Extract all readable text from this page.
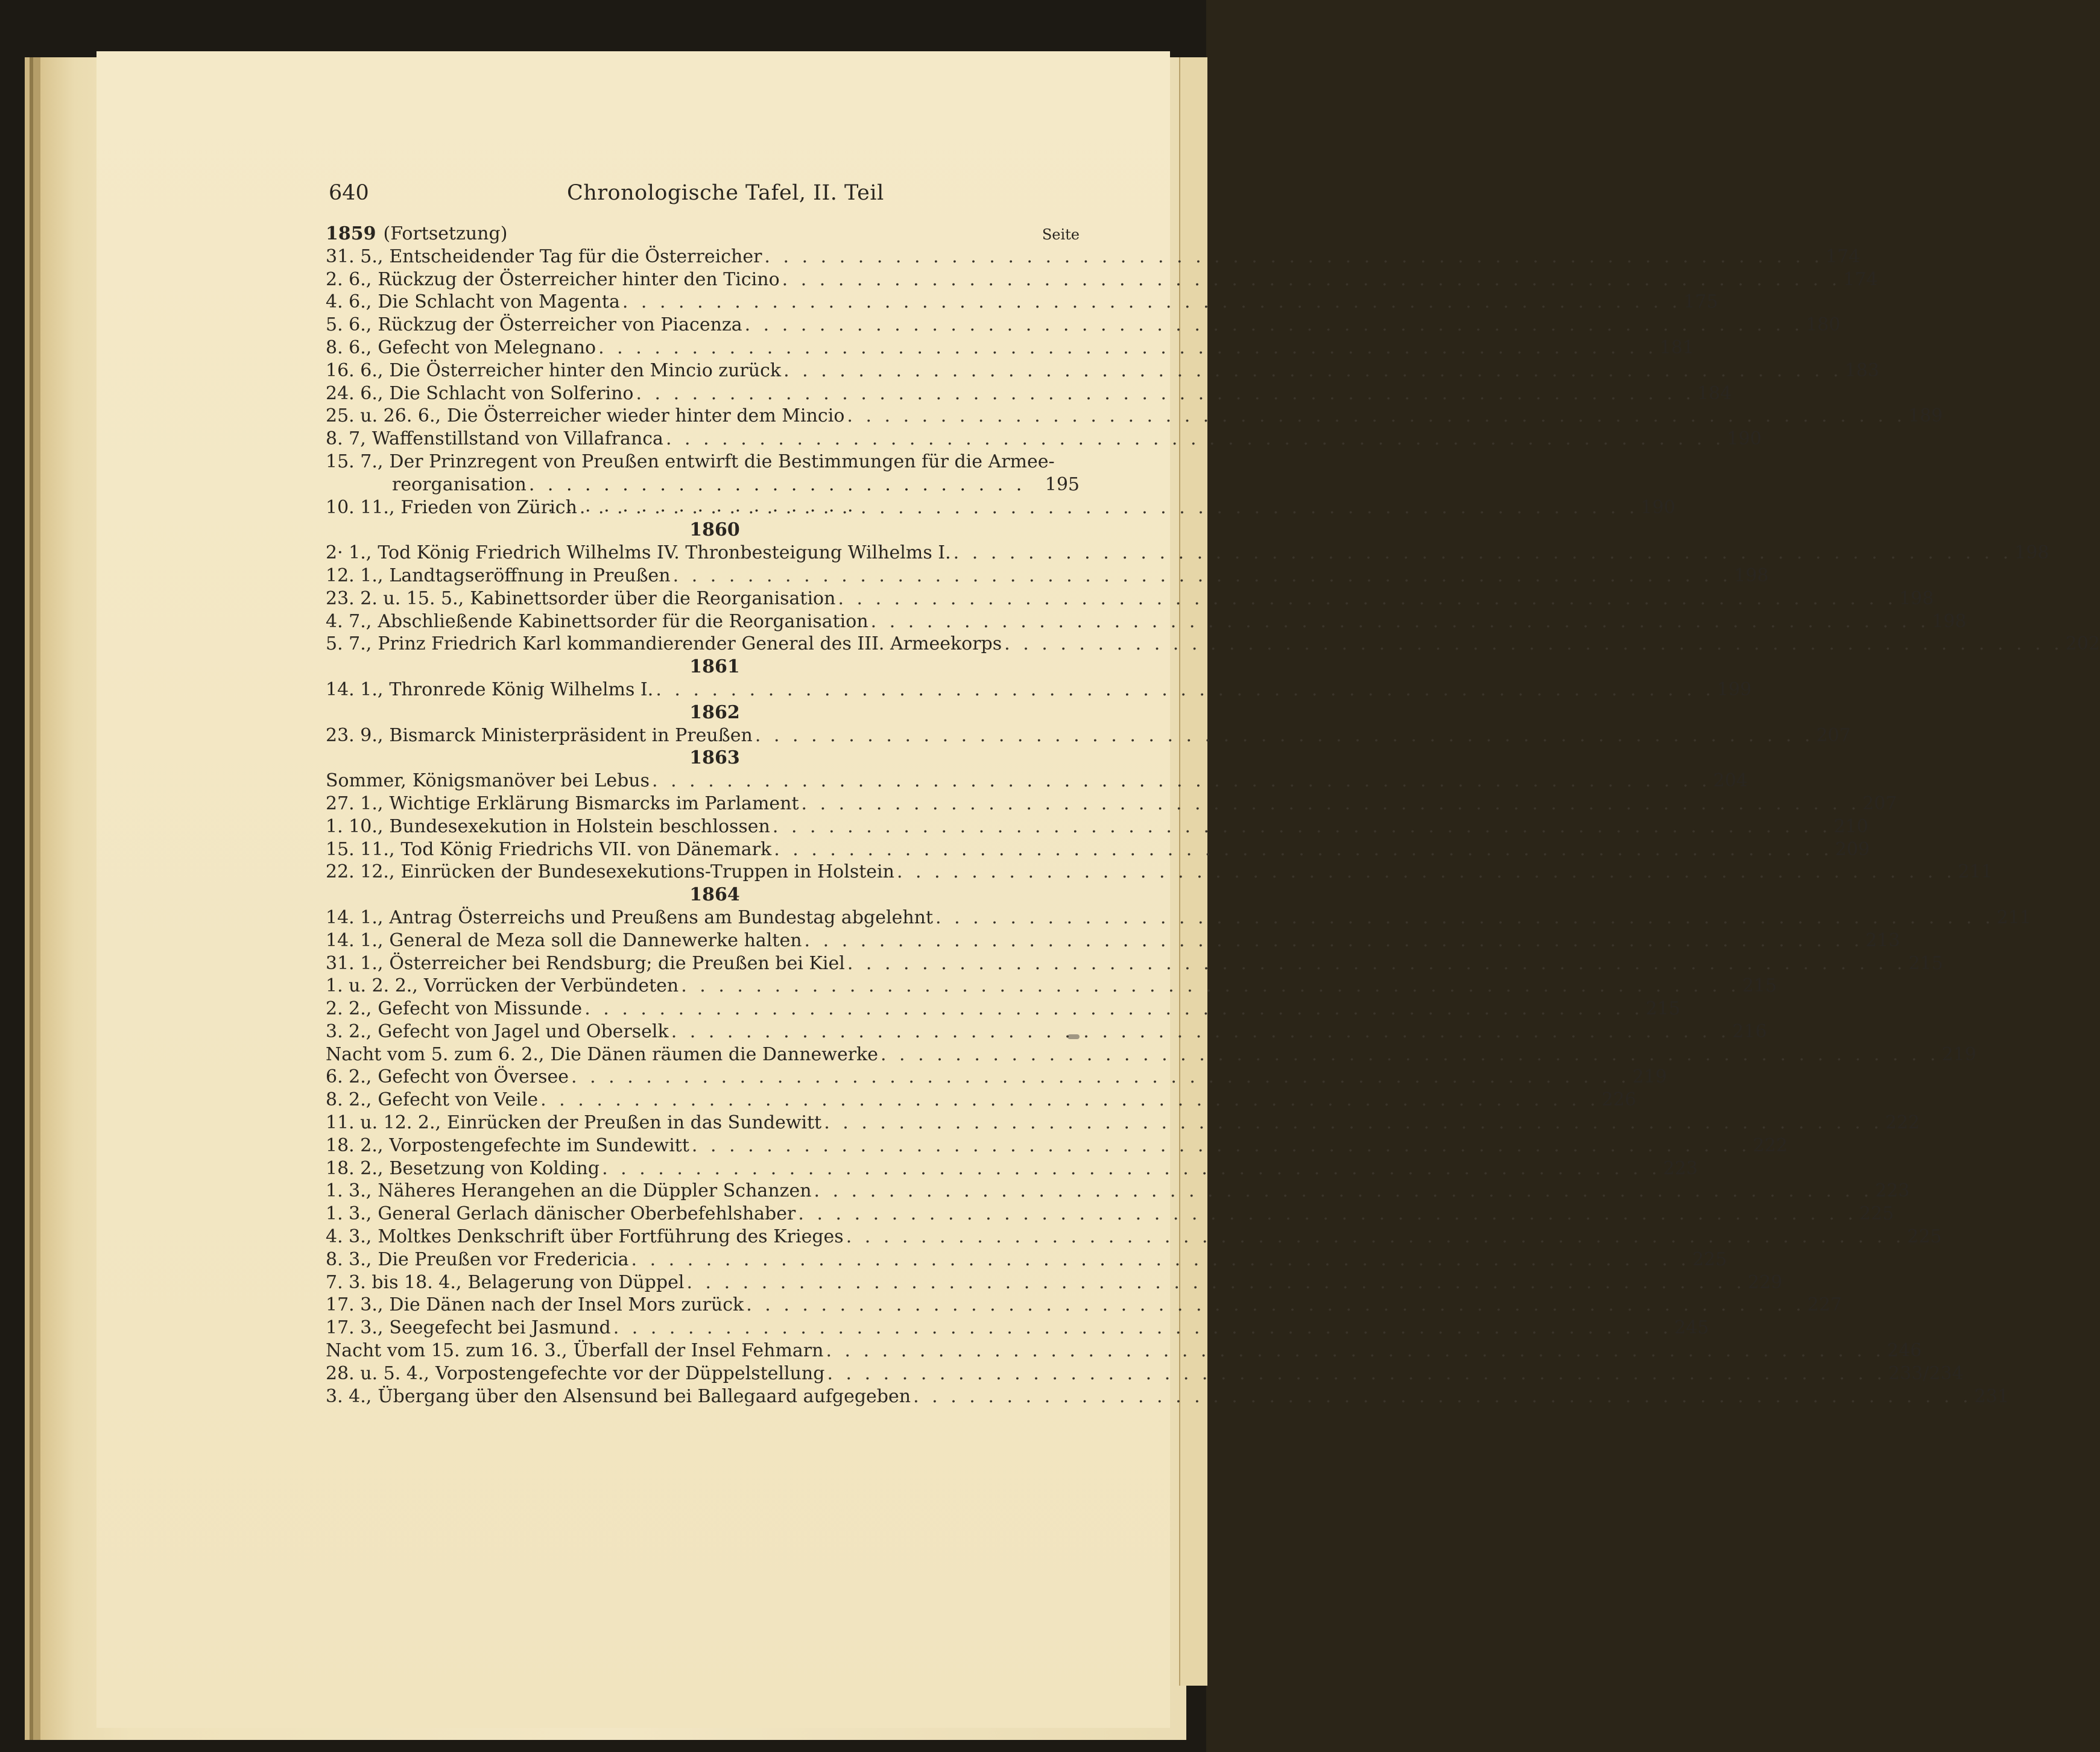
640	Chronologische Tafel, II. Teil
1859 (Fortsetzung)	Seite
31. 5., Entscheidender Tag für die Österreicher . . .	174
2. 6., Rückzug der Österreicher hinter den Ticino . . .	174
4. 6., Die Schlacht von Magenta . . .	175
5. 6., Rückzug der Österreicher von Piacenza . . .	180
8. 6., Gefecht von Melegnano . . .	181
16. 6., Die Österreicher hinter den Mincio zurück . . .	183
24. 6., Die Schlacht von Solferino . . .	184
25. u. 26. 6., Die Österreicher wieder hinter dem Mincio . . .	189
8. 7, Waffenstillstand von Villafranca . . .	190
15. 7., Der Prinzregent von Preußen entwirft die Bestimmungen für die Armee-
reorganisation . . .	195
10. 11., Frieden von Zürich . . .	190
1860
2· 1., Tod König Friedrich Wilhelms IV. Thronbesteigung Wilhelms I. . . .	198
12. 1., Landtagseröffnung in Preußen . . .	198
23. 2. u. 15. 5., Kabinettsorder über die Reorganisation . . .	198
4. 7., Abschließende Kabinettsorder für die Reorganisation . . .	198
5. 7., Prinz Friedrich Karl kommandierender General des III. Armeekorps . . .	202
1861
14. 1., Thronrede König Wilhelms I. . . .	199
1862
23. 9., Bismarck Ministerpräsident in Preußen . . .	207
1863
Sommer, Königsmanöver bei Lebus . . .	204
27. 1., Wichtige Erklärung Bismarcks im Parlament . . .	207
1. 10., Bundesexekution in Holstein beschlossen . . .	210
15. 11., Tod König Friedrichs VII. von Dänemark . . .	209
22. 12., Einrücken der Bundesexekutions-Truppen in Holstein . . .	211
1864
14. 1., Antrag Österreichs und Preußens am Bundestag abgelehnt . . .	211
14. 1., General de Meza soll die Dannewerke halten . . .	213
31. 1., Österreicher bei Rendsburg; die Preußen bei Kiel . . .	215
1. u. 2. 2., Vorrücken der Verbündeten . . .	215
2. 2., Gefecht von Missunde . . .	215
3. 2., Gefecht von Jagel und Oberselk . . .	216
Nacht vom 5. zum 6. 2., Die Dänen räumen die Dannewerke . . .	219
6. 2., Gefecht von Översee . . .	219
8. 2., Gefecht von Veile . . .	226
11. u. 12. 2., Einrücken der Preußen in das Sundewitt . . .	222
18. 2., Vorpostengefechte im Sundewitt . . .	222
18. 2., Besetzung von Kolding . . .	223
1. 3., Näheres Herangehen an die Düppler Schanzen . . .	223
1. 3., General Gerlach dänischer Oberbefehlshaber . . .	225
4. 3., Moltkes Denkschrift über Fortführung des Krieges . . .	225
8. 3., Die Preußen vor Fredericia . . .	225
7. 3. bis 18. 4., Belagerung von Düppel . . .	229
17. 3., Die Dänen nach der Insel Mors zurück . . .	227
17. 3., Seegefecht bei Jasmund . . .	245
Nacht vom 15. zum 16. 3., Überfall der Insel Fehmarn . . .	246
28. u. 5. 4., Vorpostengefechte vor der Düppelstellung . . .	233/234
3. 4., Übergang über den Alsensund bei Ballegaard aufgegeben . . .	231
